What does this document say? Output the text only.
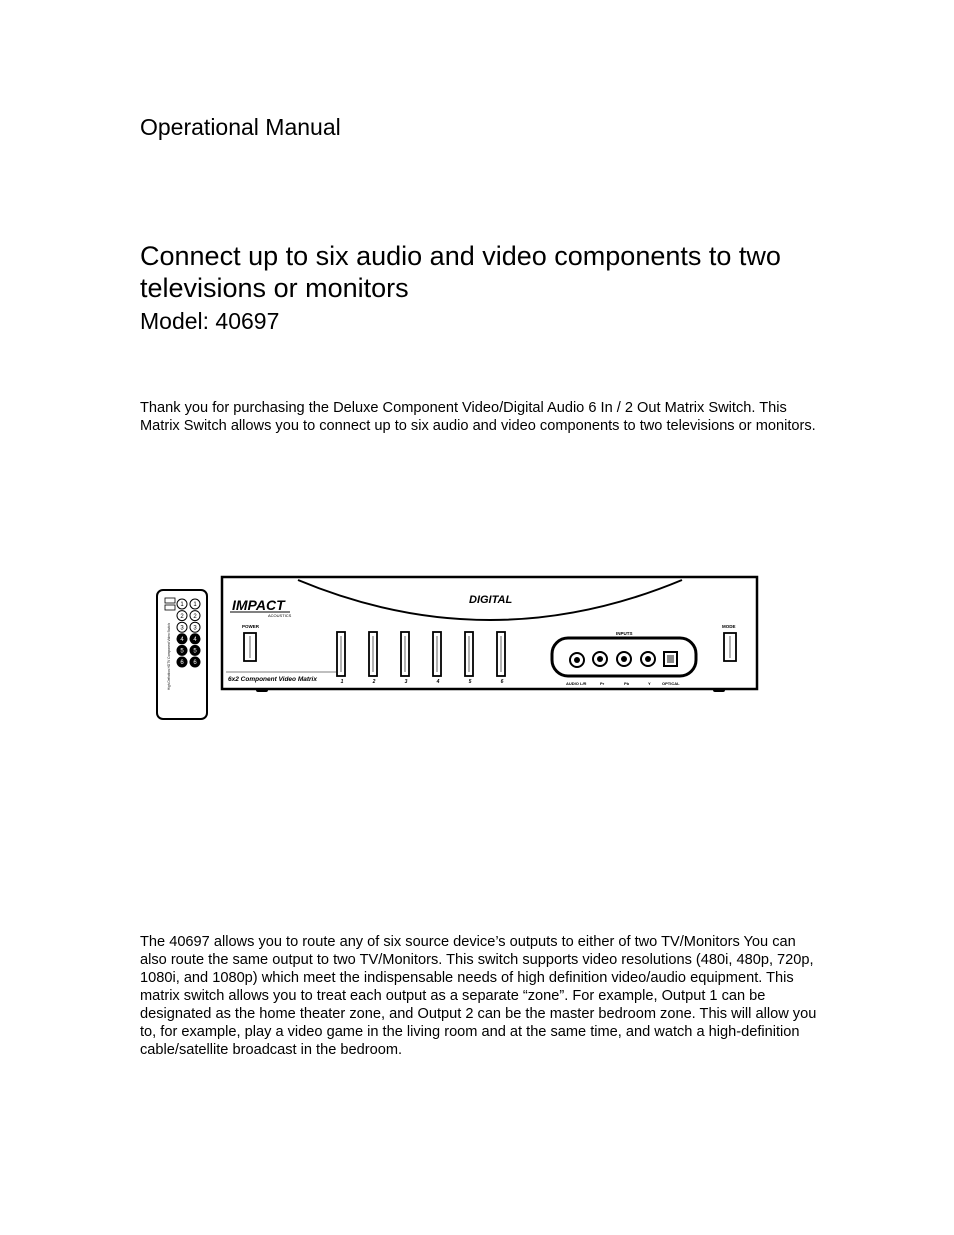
Operational Manual
Connect up to six audio and video components to two televisions or monitors
Model: 40697
Thank you for purchasing the Deluxe Component Video/Digital Audio 6 In / 2 Out Matrix Switch. This Matrix Switch allows you to connect up to six audio and video components to two televisions or monitors.
1 1
2 2
3 3
4 4
5 5
6 6
High Definition HDTV Component Video Switch
IMPACT
ACOUSTICS
DIGITAL
POWER
6x2 Component Video Matrix	1	2	3	4	5	6
INPUTS
AUDIO L/R	Pr	Pb	Y	OPTICAL
MODE
The 40697 allows you to route any of six source device’s outputs to either of two TV/Monitors You can also route the same output to two TV/Monitors. This switch supports video resolutions (480i, 480p, 720p, 1080i, and 1080p) which meet the indispensable needs of high definition video/audio equipment. This matrix switch allows you to treat each output as a separate “zone”. For example, Output 1 can be designated as the home theater zone, and Output 2 can be the master bedroom zone. This will allow you to, for example, play a video game in the living room and at the same time, and watch a high-definition cable/satellite broadcast in the bedroom.
